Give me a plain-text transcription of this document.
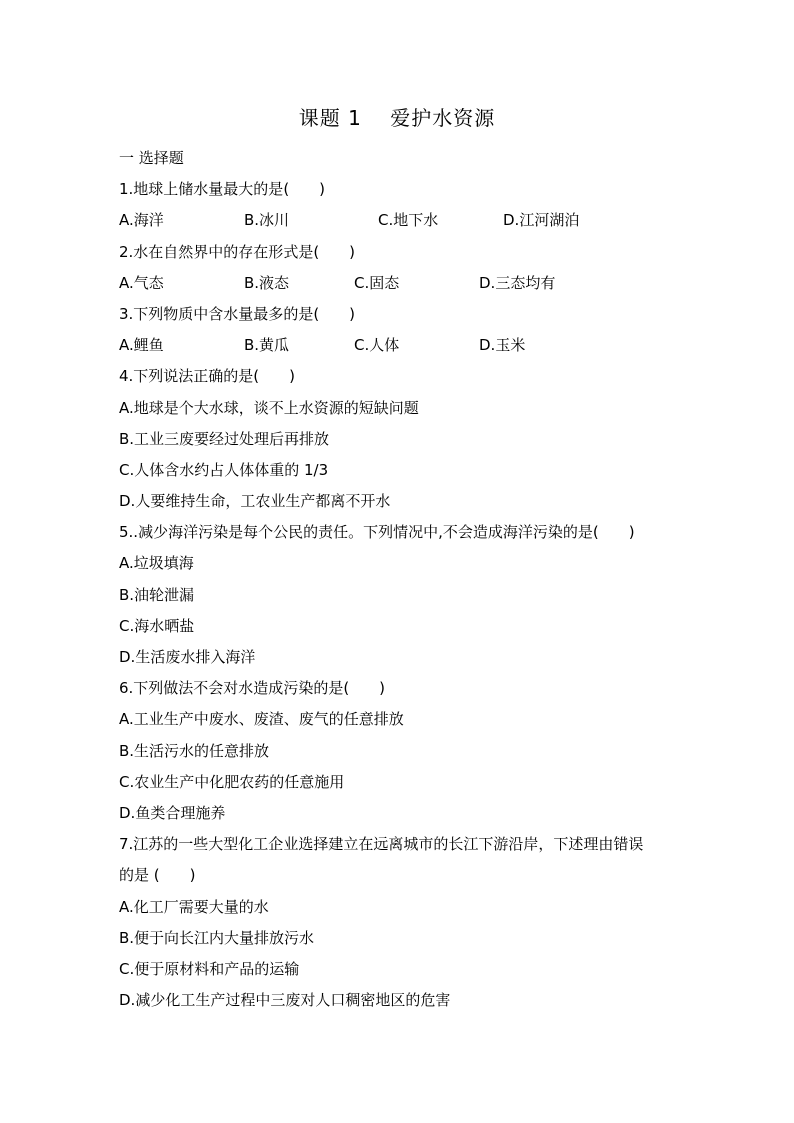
课题 1　 爱护水资源
一 选择题
1.地球上储水量最大的是(　　)
A.海洋	B.冰川	C.地下水	D.江河湖泊
2.水在自然界中的存在形式是(　　)
A.气态	B.液态	C.固态	D.三态均有
3.下列物质中含水量最多的是(　　)
A.鲤鱼	B.黄瓜	C.人体	D.玉米
4.下列说法正确的是(　　)
A.地球是个大水球，谈不上水资源的短缺问题
B.工业三废要经过处理后再排放
C.人体含水约占人体体重的 1/3
D.人要维持生命，工农业生产都离不开水
5..减少海洋污染是每个公民的责任。下列情况中,不会造成海洋污染的是(　　)
A.垃圾填海
B.油轮泄漏
C.海水晒盐
D.生活废水排入海洋
6.下列做法不会对水造成污染的是(　　)
A.工业生产中废水、废渣、废气的任意排放
B.生活污水的任意排放
C.农业生产中化肥农药的任意施用
D.鱼类合理施养
7.江苏的一些大型化工企业选择建立在远离城市的长江下游沿岸，下述理由错误
的是 (　　)
A.化工厂需要大量的水
B.便于向长江内大量排放污水
C.便于原材料和产品的运输
D.减少化工生产过程中三废对人口稠密地区的危害
